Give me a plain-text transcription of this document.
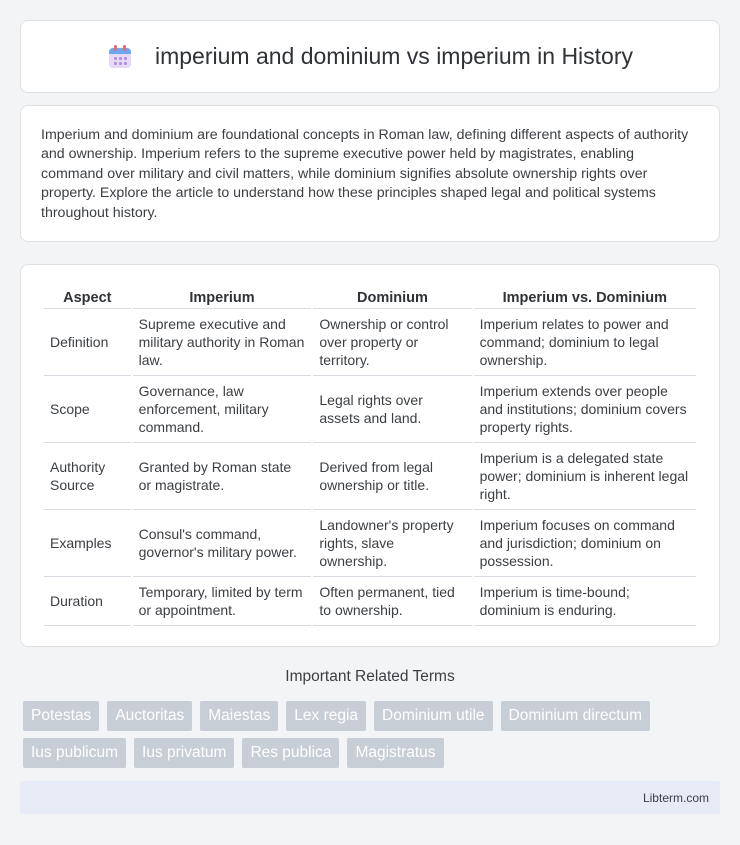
imperium and dominium vs imperium in History

Imperium and dominium are foundational concepts in Roman law, defining different aspects of authority and ownership. Imperium refers to the supreme executive power held by magistrates, enabling command over military and civil matters, while dominium signifies absolute ownership rights over property. Explore the article to understand how these principles shaped legal and political systems throughout history.

Aspect	Imperium	Dominium	Imperium vs. Dominium
Definition	Supreme executive and military authority in Roman law.	Ownership or control over property or territory.	Imperium relates to power and command; dominium to legal ownership.
Scope	Governance, law enforcement, military command.	Legal rights over assets and land.	Imperium extends over people and institutions; dominium covers property rights.
Authority Source	Granted by Roman state or magistrate.	Derived from legal ownership or title.	Imperium is a delegated state power; dominium is inherent legal right.
Examples	Consul's command, governor's military power.	Landowner's property rights, slave ownership.	Imperium focuses on command and jurisdiction; dominium on possession.
Duration	Temporary, limited by term or appointment.	Often permanent, tied to ownership.	Imperium is time-bound; dominium is enduring.
Important Related Terms
Potestas	Auctoritas	Maiestas	Lex regia	Dominium utile	Dominium directum
Ius publicum	Ius privatum	Res publica	Magistratus
Libterm.com
